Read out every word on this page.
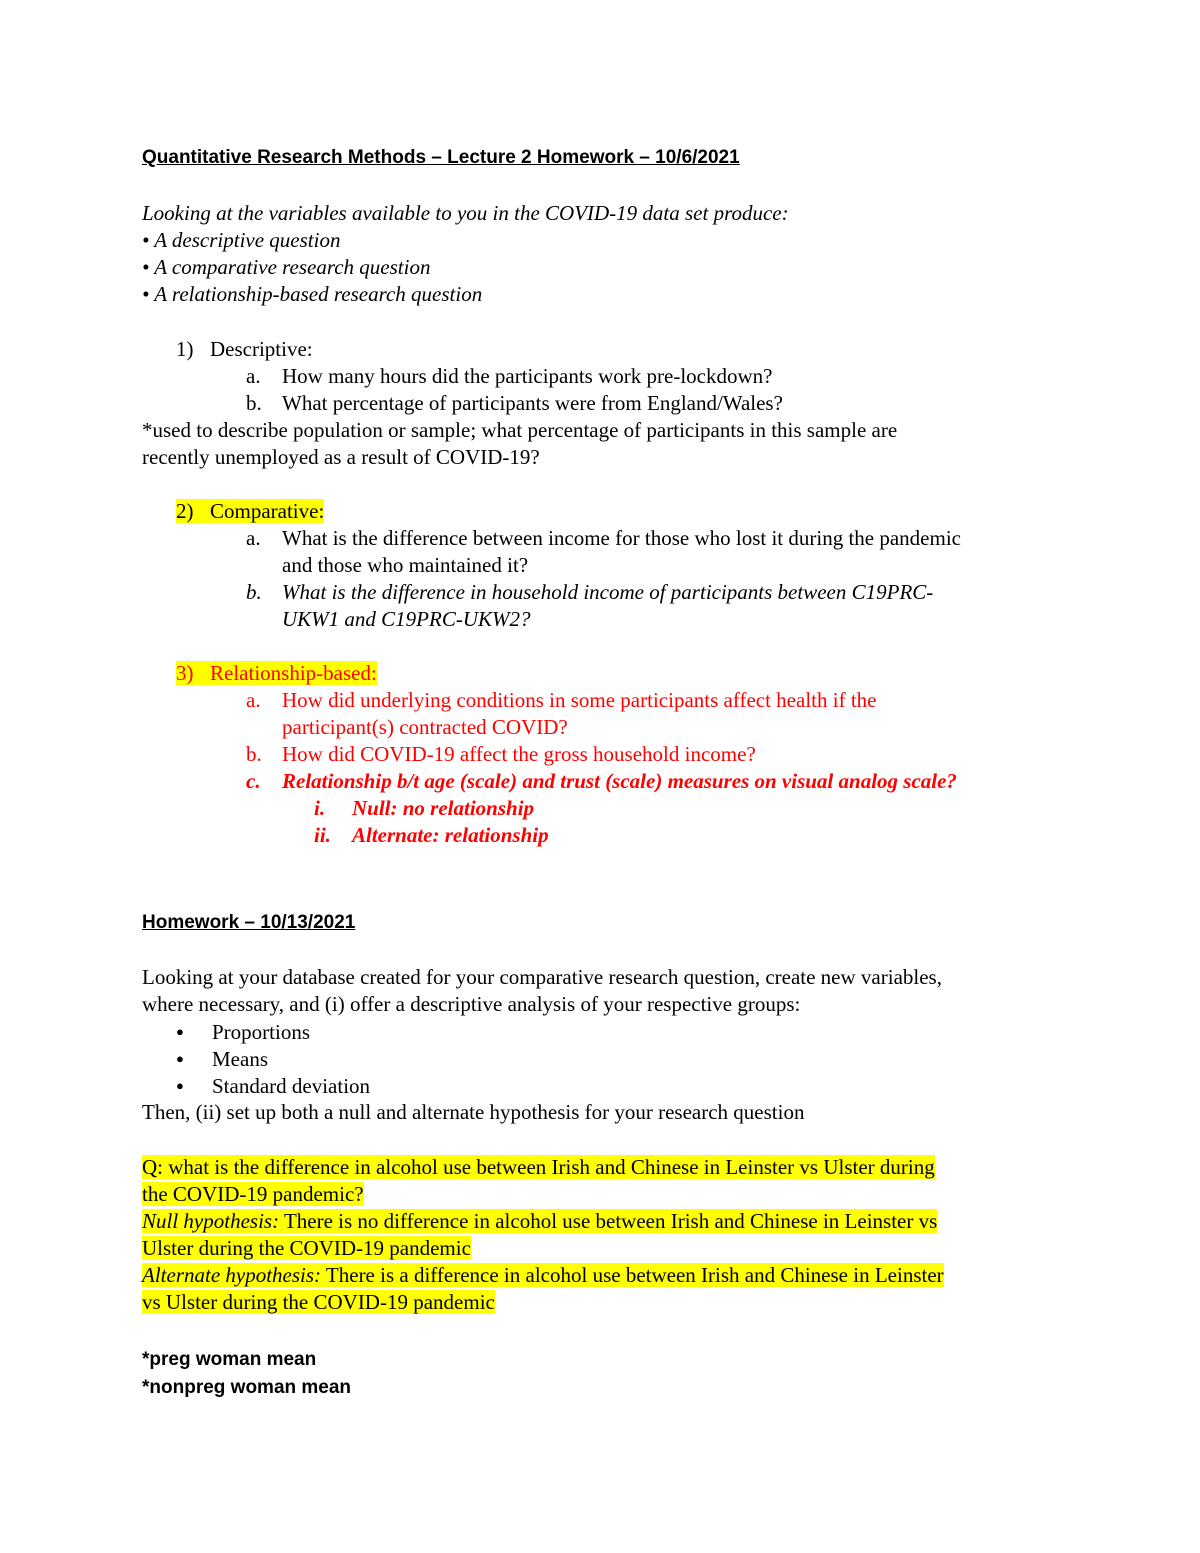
Quantitative Research Methods – Lecture 2 Homework – 10/6/2021
Looking at the variables available to you in the COVID-19 data set produce:
• A descriptive question
• A comparative research question
• A relationship-based research question
1) Descriptive:
a. How many hours did the participants work pre-lockdown?
b. What percentage of participants were from England/Wales?
*used to describe population or sample; what percentage of participants in this sample are
recently unemployed as a result of COVID-19?
2) Comparative:
a. What is the difference between income for those who lost it during the pandemic
and those who maintained it?
b. What is the difference in household income of participants between C19PRC-
UKW1 and C19PRC-UKW2?
3) Relationship-based:
a. How did underlying conditions in some participants affect health if the
participant(s) contracted COVID?
b. How did COVID-19 affect the gross household income?
c. Relationship b/t age (scale) and trust (scale) measures on visual analog scale?
i. Null: no relationship
ii. Alternate: relationship
Homework – 10/13/2021
Looking at your database created for your comparative research question, create new variables,
where necessary, and (i) offer a descriptive analysis of your respective groups:
● Proportions
● Means
● Standard deviation
Then, (ii) set up both a null and alternate hypothesis for your research question
Q: what is the difference in alcohol use between Irish and Chinese in Leinster vs Ulster during
the COVID-19 pandemic?
Null hypothesis: There is no difference in alcohol use between Irish and Chinese in Leinster vs
Ulster during the COVID-19 pandemic
Alternate hypothesis: There is a difference in alcohol use between Irish and Chinese in Leinster
vs Ulster during the COVID-19 pandemic
*preg woman mean
*nonpreg woman mean
